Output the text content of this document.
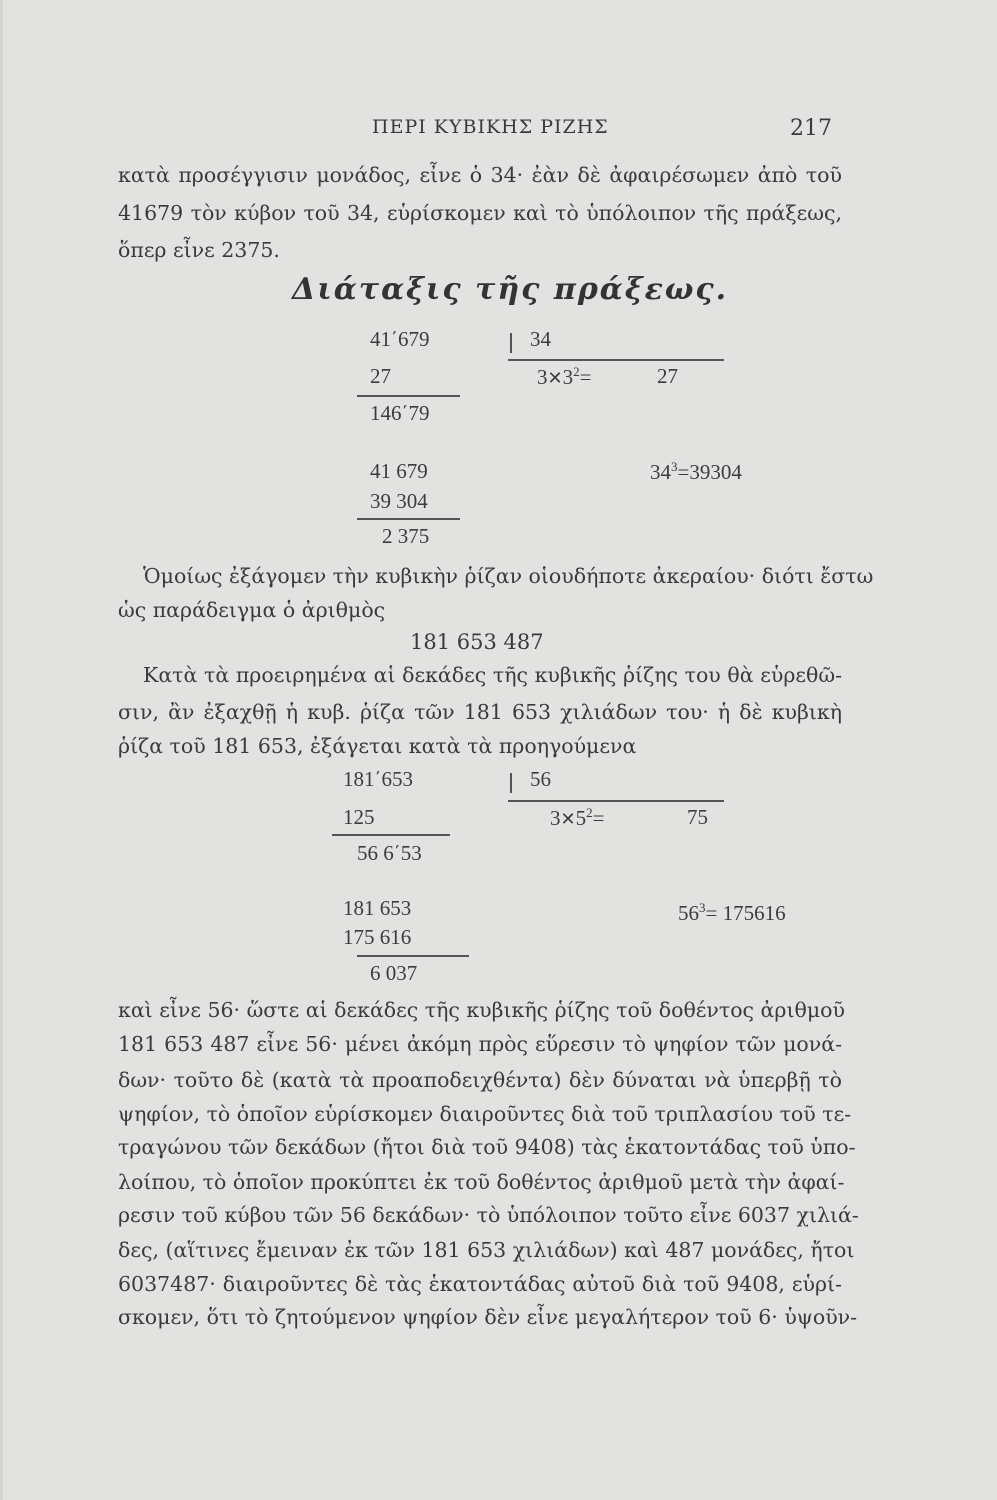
ΠΕΡΙ ΚΥΒΙΚΗΣ ΡΙΖΗΣ	217
κατὰ προσέγγισιν μονάδος, εἶνε ὁ 34· ἐὰν δὲ ἀφαιρέσωμεν ἀπὸ τοῦ
41679 τὸν κύβον τοῦ 34, εὑρίσκομεν καὶ τὸ ὑπόλοιπον τῆς πράξεως,
ὅπερ εἶνε 2375.
Διάταξις τῆς πράξεως.
41΄679	34
27	$3✕3^2=$	27
146΄79
41 679	$34^3=39304$
39 304
2 375
Ὁμοίως ἐξάγομεν τὴν κυβικὴν ῥίζαν οἱουδήποτε ἀκεραίου· διότι ἔστω
ὡς παράδειγμα ὁ ἀριθμὸς
181 653 487
Κατὰ τὰ προειρημένα αἱ δεκάδες τῆς κυβικῆς ῥίζης του θὰ εὑρεθῶ-
σιν, ἂν ἐξαχθῇ ἡ κυβ. ῥίζα τῶν 181 653 χιλιάδων του· ἡ δὲ κυβικὴ
ῥίζα τοῦ 181 653, ἐξάγεται κατὰ τὰ προηγούμενα
181΄653	56
125	$3✕5^2=$	75
56 6΄53
181 653	$56^3= 175616$
175 616
6 037
καὶ εἶνε 56· ὥστε αἱ δεκάδες τῆς κυβικῆς ῥίζης τοῦ δοθέντος ἀριθμοῦ
181 653 487 εἶνε 56· μένει ἀκόμη πρὸς εὕρεσιν τὸ ψηφίον τῶν μονά-
δων· τοῦτο δὲ (κατὰ τὰ προαποδειχθέντα) δὲν δύναται νὰ ὑπερβῇ τὸ
ψηφίον, τὸ ὁποῖον εὑρίσκομεν διαιροῦντες διὰ τοῦ τριπλασίου τοῦ τε-
τραγώνου τῶν δεκάδων (ἤτοι διὰ τοῦ 9408) τὰς ἑκατοντάδας τοῦ ὑπο-
λοίπου, τὸ ὁποῖον προκύπτει ἐκ τοῦ δοθέντος ἀριθμοῦ μετὰ τὴν ἀφαί-
ρεσιν τοῦ κύβου τῶν 56 δεκάδων· τὸ ὑπόλοιπον τοῦτο εἶνε 6037 χιλιά-
δες, (αἵτινες ἔμειναν ἐκ τῶν 181 653 χιλιάδων) καὶ 487 μονάδες, ἤτοι
6037487· διαιροῦντες δὲ τὰς ἑκατοντάδας αὐτοῦ διὰ τοῦ 9408, εὑρί-
σκομεν, ὅτι τὸ ζητούμενον ψηφίον δὲν εἶνε μεγαλήτερον τοῦ 6· ὑψοῦν-
